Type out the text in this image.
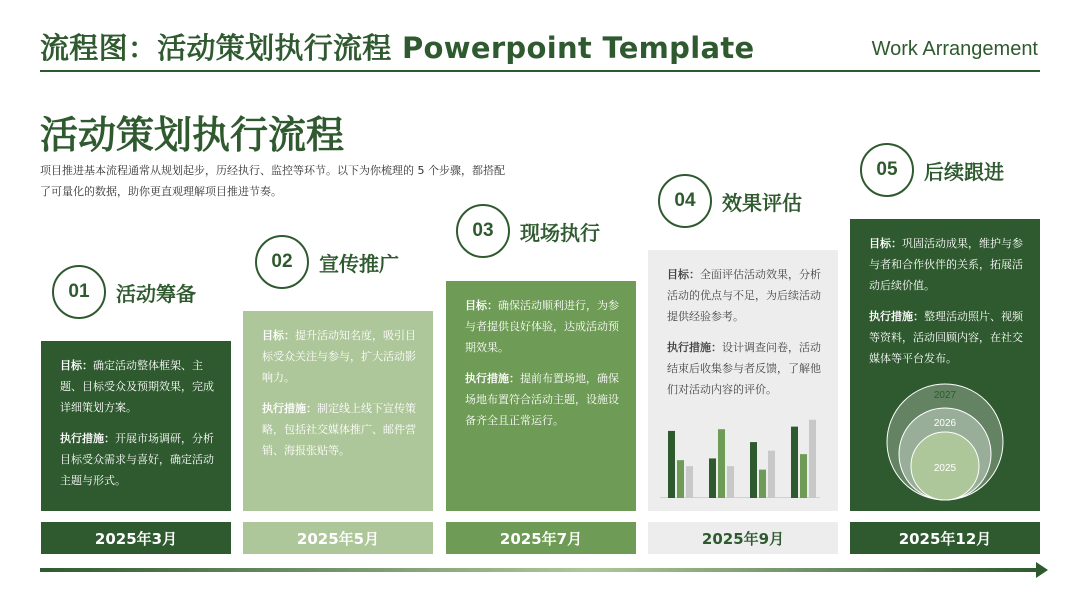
流程图：活动策划执行流程 Powerpoint Template	Work Arrangement
活动策划执行流程
项目推进基本流程通常从规划起步，历经执行、监控等环节。以下为你梳理的 5 个步骤，都搭配了可量化的数据，助你更直观理解项目推进节奏。
01	活动筹备
02	宣传推广
03	现场执行
04	效果评估
05	后续跟进

目标：确定活动整体框架、主题、目标受众及预期效果，完成详细策划方案。

执行措施：开展市场调研，分析目标受众需求与喜好，确定活动主题与形式。

目标：提升活动知名度，吸引目标受众关注与参与，扩大活动影响力。

执行措施：制定线上线下宣传策略，包括社交媒体推广、邮件营销、海报张贴等。

目标：确保活动顺利进行，为参与者提供良好体验，达成活动预期效果。

执行措施：提前布置场地，确保场地布置符合活动主题，设施设备齐全且正常运行。

目标：全面评估活动效果，分析活动的优点与不足，为后续活动提供经验参考。

执行措施：设计调查问卷，活动结束后收集参与者反馈，了解他们对活动内容的评价。

目标：巩固活动成果，维护与参与者和合作伙伴的关系，拓展活动后续价值。

执行措施：整理活动照片、视频等资料，活动回顾内容，在社交媒体等平台发布。

2027
2026
2025
2025年3月	2025年5月	2025年7月	2025年9月	2025年12月
